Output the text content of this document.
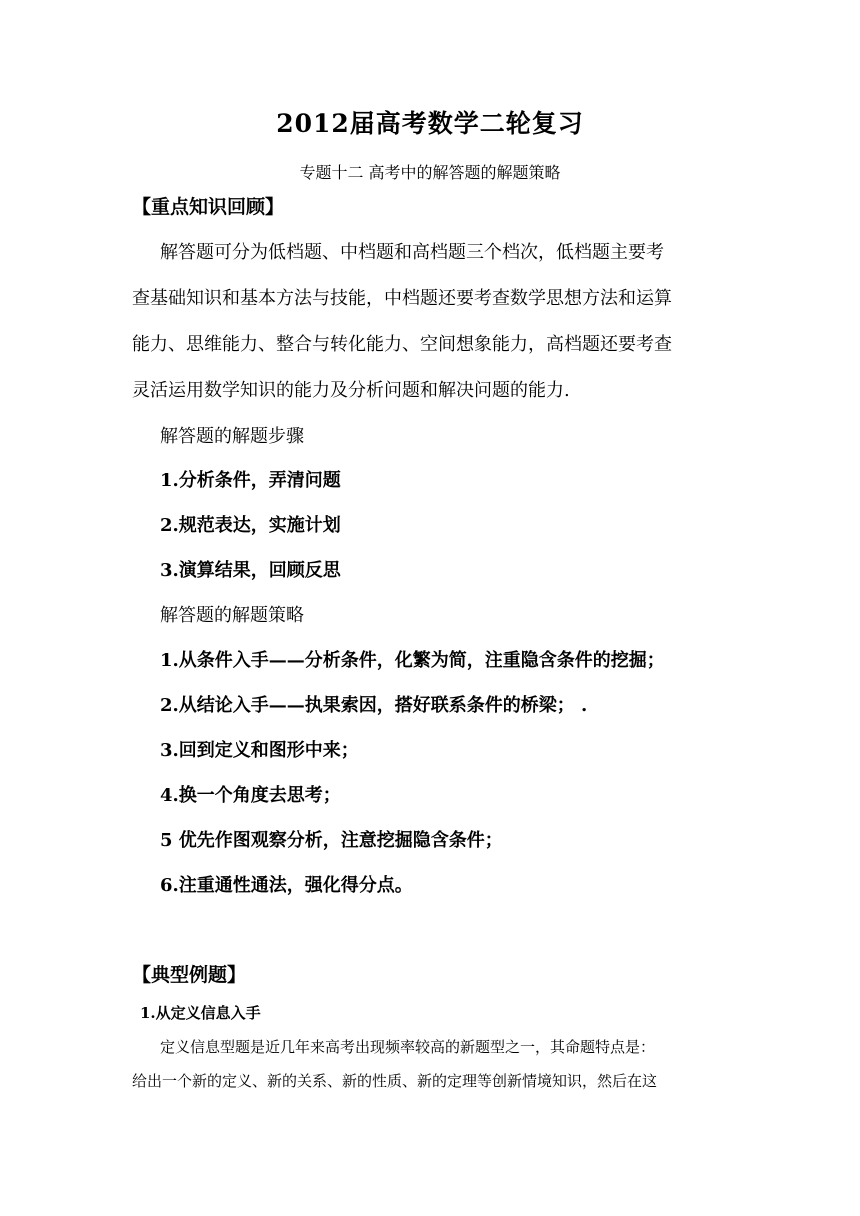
2012届高考数学二轮复习
专题十二 高考中的解答题的解题策略
【重点知识回顾】
解答题可分为低档题、中档题和高档题三个档次，低档题主要考
查基础知识和基本方法与技能，中档题还要考查数学思想方法和运算
能力、思维能力、整合与转化能力、空间想象能力，高档题还要考查
灵活运用数学知识的能力及分析问题和解决问题的能力.
解答题的解题步骤
1.分析条件，弄清问题
2.规范表达，实施计划
3.演算结果，回顾反思
解答题的解题策略
1.从条件入手——分析条件，化繁为简，注重隐含条件的挖掘；
2.从结论入手——执果索因，搭好联系条件的桥梁； .
3.回到定义和图形中来；
4.换一个角度去思考；
5 优先作图观察分析，注意挖掘隐含条件；
6.注重通性通法，强化得分点。
【典型例题】
1.从定义信息入手
定义信息型题是近几年来高考出现频率较高的新题型之一，其命题特点是：
给出一个新的定义、新的关系、新的性质、新的定理等创新情境知识，然后在这
